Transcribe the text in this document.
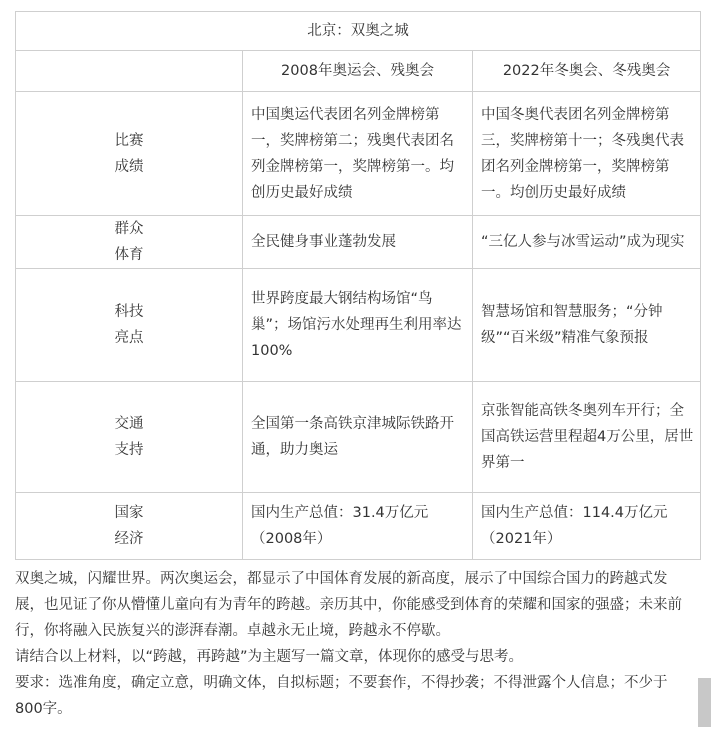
北京：双奥之城		
	2008年奥运会、残奥会	2022年冬奥会、冬残奥会

比赛
成绩	中国奥运代表团名列金牌榜第一，奖牌榜第二；残奥代表团名列金牌榜第一，奖牌榜第一。均创历史最好成绩	中国冬奥代表团名列金牌榜第三，奖牌榜第十一；冬残奥代表团名列金牌榜第一，奖牌榜第一。均创历史最好成绩

群众
体育	全民健身事业蓬勃发展	“三亿人参与冰雪运动”成为现实

科技
亮点	世界跨度最大钢结构场馆“鸟巢”；场馆污水处理再生利用率达100%	智慧场馆和智慧服务；“分钟级”“百米级”精准气象预报

交通
支持	全国第一条高铁京津城际铁路开通，助力奥运	京张智能高铁冬奥列车开行；全国高铁运营里程超4万公里，居世界第一

国家
经济	国内生产总值：31.4万亿元（2008年）	国内生产总值：114.4万亿元（2021年）

双奥之城，闪耀世界。两次奥运会，都显示了中国体育发展的新高度，展示了中国综合国力的跨越式发展，也见证了你从懵懂儿童向有为青年的跨越。亲历其中，你能感受到体育的荣耀和国家的强盛；未来前行，你将融入民族复兴的澎湃春潮。卓越永无止境，跨越永不停歇。

请结合以上材料，以“跨越，再跨越”为主题写一篇文章，体现你的感受与思考。

要求：选准角度，确定立意，明确文体，自拟标题；不要套作，不得抄袭；不得泄露个人信息；不少于800字。
